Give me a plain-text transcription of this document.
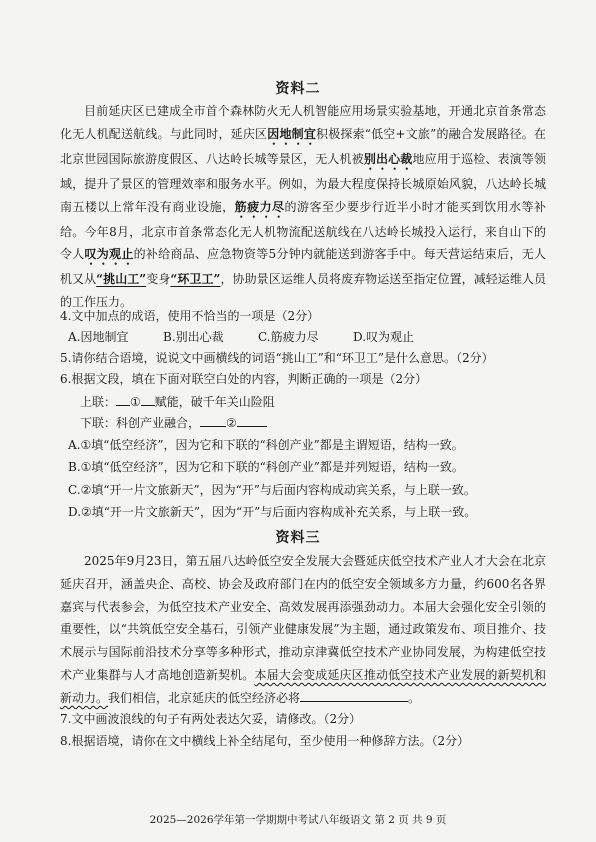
资料二
目前延庆区已建成全市首个森林防火无人机智能应用场景实验基地，开通北京首条常态化无人机配送航线。与此同时，延庆区因地制宜积极探索“低空+文旅”的融合发展路径。在北京世园国际旅游度假区、八达岭长城等景区，无人机被别出心裁地应用于巡检、表演等领域，提升了景区的管理效率和服务水平。例如，为最大程度保持长城原始风貌，八达岭长城南五楼以上常年没有商业设施，筋疲力尽的游客至少要步行近半小时才能买到饮用水等补给。今年8月，北京市首条常态化无人机物流配送航线在八达岭长城投入运行，来自山下的令人叹为观止的补给商品、应急物资等5分钟内就能送到游客手中。每天营运结束后，无人机又从“挑山工”变身“环卫工”，协助景区运维人员将废弃物运送至指定位置，减轻运维人员的工作压力。
4.文中加点的成语，使用不恰当的一项是（2分）
A.因地制宜	B.别出心裁	C.筋疲力尽	D.叹为观止
5.请你结合语境，说说文中画横线的词语“挑山工”和“环卫工”是什么意思。（2分）
6.根据文段，填在下面对联空白处的内容，判断正确的一项是（2分）
上联： ① 赋能，破千年关山险阻
下联：科创产业融合， ②
A.①填“低空经济”，因为它和下联的“科创产业”都是主谓短语，结构一致。
B.①填“低空经济”，因为它和下联的“科创产业”都是并列短语，结构一致。
C.②填“开一片文旅新天”，因为“开”与后面内容构成动宾关系，与上联一致。
D.②填“开一片文旅新天”，因为“开”与后面内容构成补充关系，与上联一致。
资料三
2025年9月23日，第五届八达岭低空安全发展大会暨延庆低空技术产业人才大会在北京延庆召开，涵盖央企、高校、协会及政府部门在内的低空安全领域多方力量，约600名各界嘉宾与代表参会，为低空技术产业安全、高效发展再添强劲动力。本届大会强化安全引领的重要性，以“共筑低空安全基石，引领产业健康发展”为主题，通过政策发布、项目推介、技术展示与国际前沿技术分享等多种形式，推动京津冀低空技术产业协同发展，为构建低空技术产业集群与人才高地创造新契机。本届大会变成延庆区推动低空技术产业发展的新契机和新动力。我们相信，北京延庆的低空经济必将	。
7.文中画波浪线的句子有两处表达欠妥，请修改。（2分）
8.根据语境，请你在文中横线上补全结尾句，至少使用一种修辞方法。（2分）
2025—2026学年第一学期期中考试八年级语文 第 2 页 共 9 页
